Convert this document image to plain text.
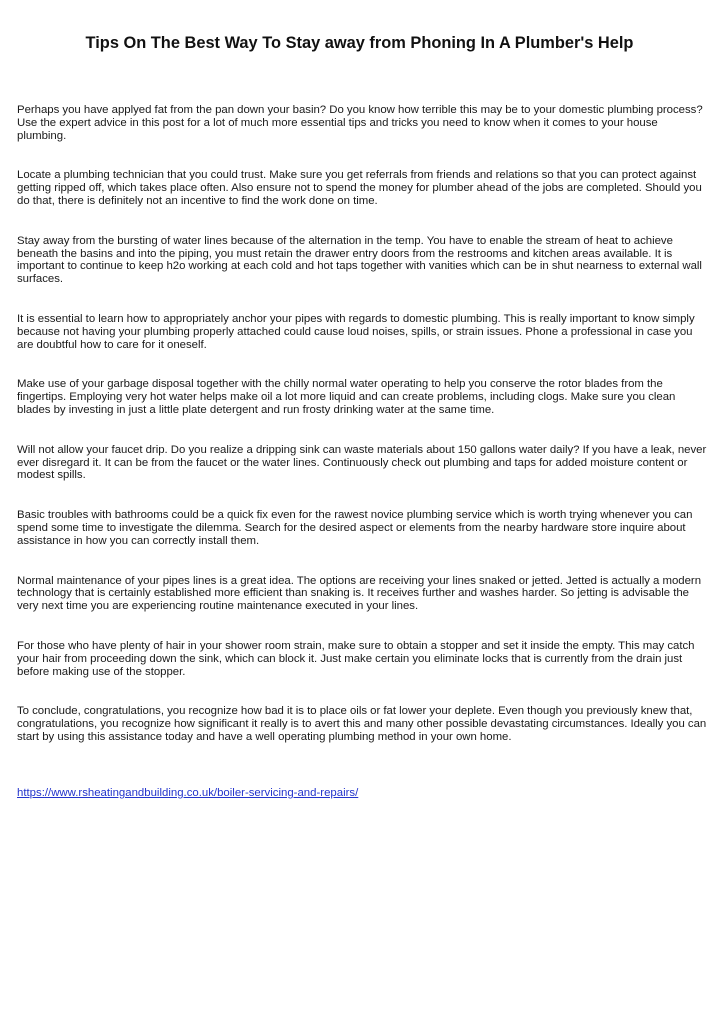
Tips On The Best Way To Stay away from Phoning In A Plumber's Help

Perhaps you have applyed fat from the pan down your basin? Do you know how terrible this may be to your domestic plumbing process? Use the expert advice in this post for a lot of much more essential tips and tricks you need to know when it comes to your house plumbing.

Locate a plumbing technician that you could trust. Make sure you get referrals from friends and relations so that you can protect against getting ripped off, which takes place often. Also ensure not to spend the money for plumber ahead of the jobs are completed. Should you do that, there is definitely not an incentive to find the work done on time.

Stay away from the bursting of water lines because of the alternation in the temp. You have to enable the stream of heat to achieve beneath the basins and into the piping, you must retain the drawer entry doors from the restrooms and kitchen areas available. It is important to continue to keep h2o working at each cold and hot taps together with vanities which can be in shut nearness to external wall surfaces.

It is essential to learn how to appropriately anchor your pipes with regards to domestic plumbing. This is really important to know simply because not having your plumbing properly attached could cause loud noises, spills, or strain issues. Phone a professional in case you are doubtful how to care for it oneself.

Make use of your garbage disposal together with the chilly normal water operating to help you conserve the rotor blades from the fingertips. Employing very hot water helps make oil a lot more liquid and can create problems, including clogs. Make sure you clean blades by investing in just a little plate detergent and run frosty drinking water at the same time.

Will not allow your faucet drip. Do you realize a dripping sink can waste materials about 150 gallons water daily? If you have a leak, never ever disregard it. It can be from the faucet or the water lines. Continuously check out plumbing and taps for added moisture content or modest spills.

Basic troubles with bathrooms could be a quick fix even for the rawest novice plumbing service which is worth trying whenever you can spend some time to investigate the dilemma. Search for the desired aspect or elements from the nearby hardware store inquire about assistance in how you can correctly install them.

Normal maintenance of your pipes lines is a great idea. The options are receiving your lines snaked or jetted. Jetted is actually a modern technology that is certainly established more efficient than snaking is. It receives further and washes harder. So jetting is advisable the very next time you are experiencing routine maintenance executed in your lines.

For those who have plenty of hair in your shower room strain, make sure to obtain a stopper and set it inside the empty. This may catch your hair from proceeding down the sink, which can block it. Just make certain you eliminate locks that is currently from the drain just before making use of the stopper.

To conclude, congratulations, you recognize how bad it is to place oils or fat lower your deplete. Even though you previously knew that, congratulations, you recognize how significant it really is to avert this and many other possible devastating circumstances. Ideally you can start by using this assistance today and have a well operating plumbing method in your own home.

https://www.rsheatingandbuilding.co.uk/boiler-servicing-and-repairs/
